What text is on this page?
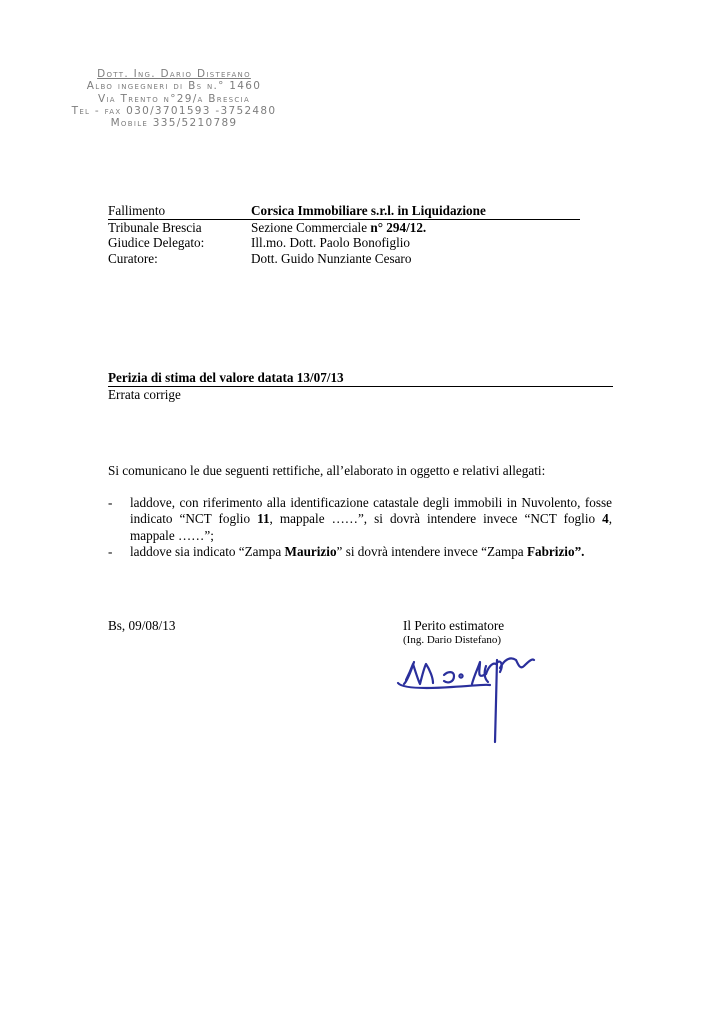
Dott. Ing. Dario Distefano
Albo ingegneri di Bs n.° 1460
Via Trento n°29/a Brescia
Tel - fax 030/3701593 -3752480
Mobile 335/5210789
Fallimento	Corsica Immobiliare s.r.l. in Liquidazione
Tribunale Brescia	Sezione Commerciale n° 294/12.
Giudice Delegato:	Ill.mo. Dott. Paolo Bonofiglio
Curatore:	Dott. Guido Nunziante Cesaro
Perizia di stima del valore datata 13/07/13
Errata corrige
Si comunicano le due seguenti rettifiche, all’elaborato in oggetto e relativi allegati:
-	laddove, con riferimento alla identificazione catastale degli immobili in Nuvolento, fosse indicato “NCT foglio 11, mappale ……”, si dovrà intendere invece “NCT foglio 4, mappale ……”;
-	laddove sia indicato “Zampa Maurizio” si dovrà intendere invece “Zampa Fabrizio”.
Bs, 09/08/13	Il Perito estimatore
(Ing. Dario Distefano)
